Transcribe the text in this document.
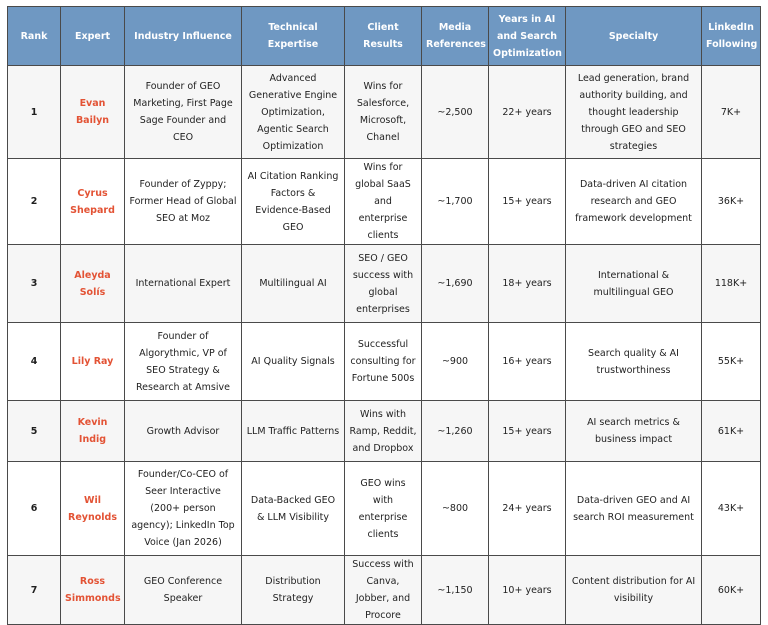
Rank	Expert	Industry Influence	Technical Expertise	Client Results	Media References	Years in AI and Search Optimization	Specialty	LinkedIn Following
1	Evan Bailyn	Founder of GEO Marketing, First Page Sage Founder and CEO	Advanced Generative Engine Optimization, Agentic Search Optimization	Wins for Salesforce, Microsoft, Chanel	~2,500	22+ years	Lead generation, brand authority building, and thought leadership through GEO and SEO strategies	7K+
2	Cyrus Shepard	Founder of Zyppy; Former Head of Global SEO at Moz	AI Citation Ranking Factors & Evidence-Based GEO	Wins for global SaaS and enterprise clients	~1,700	15+ years	Data-driven AI citation research and GEO framework development	36K+
3	Aleyda Solís	International Expert	Multilingual AI	SEO / GEO success with global enterprises	~1,690	18+ years	International & multilingual GEO	118K+
4	Lily Ray	Founder of Algorythmic, VP of SEO Strategy & Research at Amsive	AI Quality Signals	Successful consulting for Fortune 500s	~900	16+ years	Search quality & AI trustworthiness	55K+
5	Kevin Indig	Growth Advisor	LLM Traffic Patterns	Wins with Ramp, Reddit, and Dropbox	~1,260	15+ years	AI search metrics & business impact	61K+
6	Wil Reynolds	Founder/Co-CEO of Seer Interactive (200+ person agency); LinkedIn Top Voice (Jan 2026)	Data-Backed GEO & LLM Visibility	GEO wins with enterprise clients	~800	24+ years	Data-driven GEO and AI search ROI measurement	43K+
7	Ross Simmonds	GEO Conference Speaker	Distribution Strategy	Success with Canva, Jobber, and Procore	~1,150	10+ years	Content distribution for AI visibility	60K+
